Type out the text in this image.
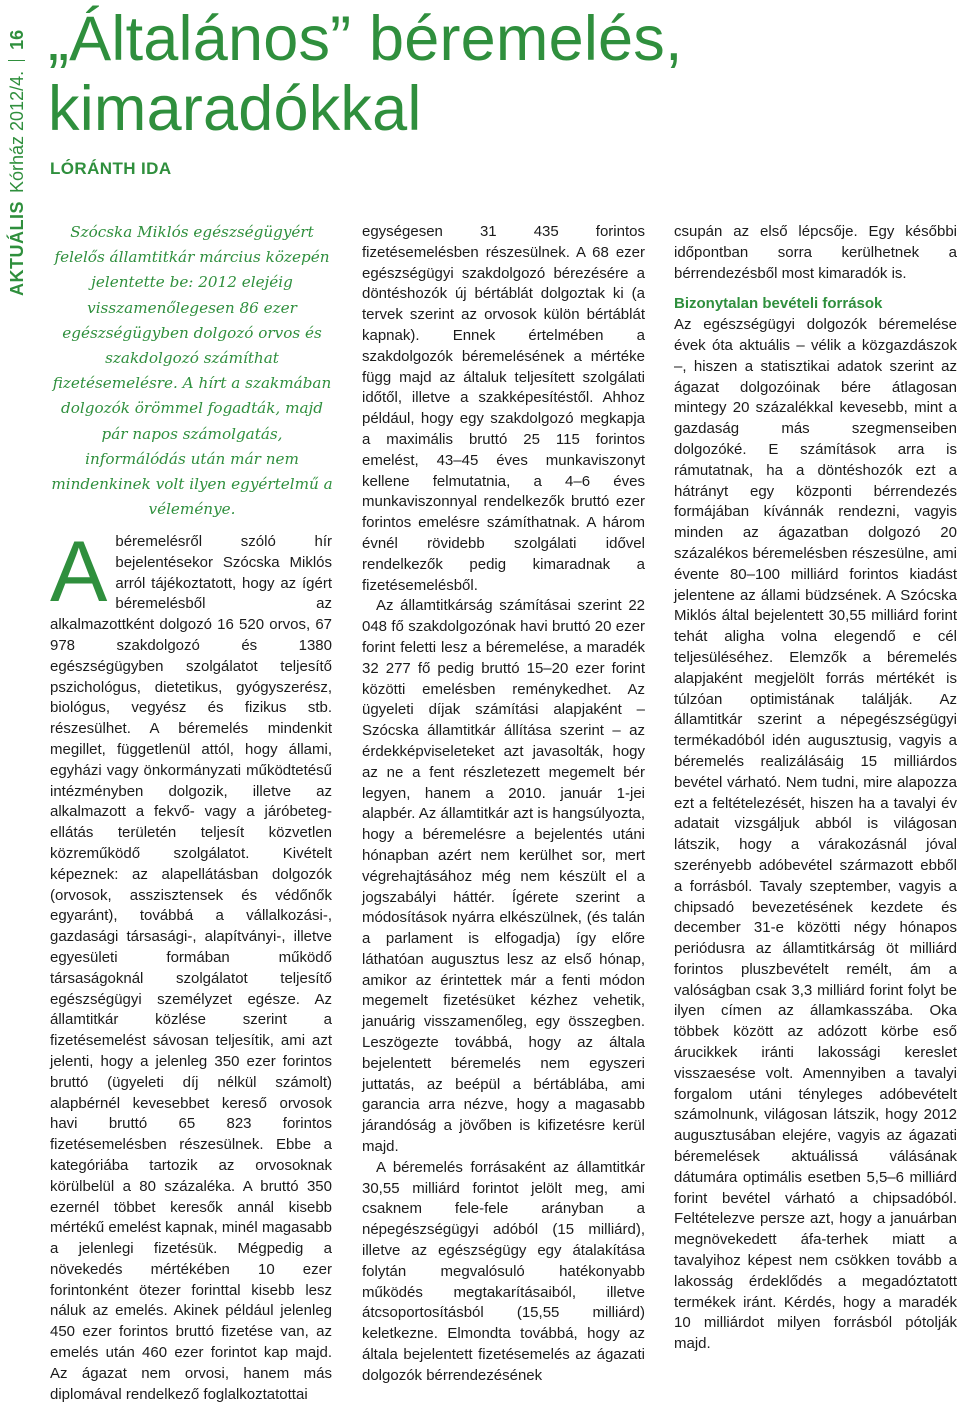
AKTUÁLISKórház 2012/4.16 „Általános” béremelés, kimaradókkal
LÓRÁNTH IDA

Szócska Miklós egészségügyért felelős államtitkár március közepén jelentette be: 2012 elejéig visszamenőlegesen 86 ezer egészségügyben dolgozó orvos és szakdolgozó számíthat fizetésemelésre. A hírt a szakmában dolgozók örömmel fogadták, majd pár napos számolgatás, informálódás után már nem mindenkinek volt ilyen egyértelmű a véleménye.

A béremelésről szóló hír bejelentésekor Szócska Miklós arról tájékoztatott, hogy az ígért béremelésből az alkalmazottként dolgozó 16 520 orvos, 67 978 szakdolgozó és 1380 egészségügyben szolgálatot teljesítő pszichológus, dietetikus, gyógyszerész, biológus, vegyész és fizikus stb. részesülhet. A béremelés mindenkit megillet, függetlenül attól, hogy állami, egyházi vagy önkormányzati működtetésű intézményben dolgozik, illetve az alkalmazott a fekvő- vagy a járóbeteg-ellátás területén teljesít közvetlen közreműködő szolgálatot. Kivételt képeznek: az alapellátásban dolgozók (orvosok, asszisztensek és védőnők egyaránt), továbbá a vállalkozási-, gazdasági társasági-, alapítványi-, illetve egyesületi formában működő társaságoknál szolgálatot teljesítő egészségügyi személyzet egésze. Az államtitkár közlése szerint a fizetésemelést sávosan teljesítik, ami azt jelenti, hogy a jelenleg 350 ezer forintos bruttó (ügyeleti díj nélkül számolt) alapbérnél kevesebbet kereső orvosok havi bruttó 65 823 forintos fizetésemelésben részesülnek. Ebbe a kategóriába tartozik az orvosoknak körülbelül a 80 százaléka. A bruttó 350 ezernél többet keresők annál kisebb mértékű emelést kapnak, minél magasabb a jelenlegi fizetésük. Mégpedig a növekedés mértékében 10 ezer forintonként ötezer forinttal kisebb lesz náluk az emelés. Akinek például jelenleg 450 ezer forintos bruttó fizetése van, az emelés után 460 ezer forintot kap majd. Az ágazat nem orvosi, hanem más diplomával rendelkező foglalkoztatottai

egységesen 31 435 forintos fizetésemelésben részesülnek. A 68 ezer egészségügyi szakdolgozó bérezésére a döntéshozók új bértáblát dolgoztak ki (a tervek szerint az orvosok külön bértáblát kapnak). Ennek értelmében a szakdolgozók béremelésének a mértéke függ majd az általuk teljesített szolgálati időtől, illetve a szakképesítéstől. Ahhoz például, hogy egy szakdolgozó megkapja a maximális bruttó 25 115 forintos emelést, 43–45 éves munkaviszonyt kellene felmutatnia, a 4–6 éves munkaviszonnyal rendelkezők bruttó ezer forintos emelésre számíthatnak. A három évnél rövidebb szolgálati idővel rendelkezők pedig kimaradnak a fizetésemelésből.

Az államtitkárság számításai szerint 22 048 fő szakdolgozónak havi bruttó 20 ezer forint feletti lesz a béremelése, a maradék 32 277 fő pedig bruttó 15–20 ezer forint közötti emelésben reménykedhet. Az ügyeleti díjak számítási alapjaként – Szócska államtitkár állítása szerint – az érdekképviseleteket azt javasolták, hogy az ne a fent részletezett megemelt bér legyen, hanem a 2010. január 1-jei alapbér. Az államtitkár azt is hangsúlyozta, hogy a béremelésre a bejelentés utáni hónapban azért nem kerülhet sor, mert végrehajtásához még nem készült el a jogszabályi háttér. Ígérete szerint a módosítások nyárra elkészülnek, (és talán a parlament is elfogadja) így előre láthatóan augusztus lesz az első hónap, amikor az érintettek már a fenti módon megemelt fizetésüket kézhez vehetik, januárig visszamenőleg, egy összegben. Leszögezte továbbá, hogy az általa bejelentett béremelés nem egyszeri juttatás, az beépül a bértáblába, ami garancia arra nézve, hogy a magasabb járandóság a jövőben is kifizetésre kerül majd.

A béremelés forrásaként az államtitkár 30,55 milliárd forintot jelölt meg, ami csaknem fele-fele arányban a népegészségügyi adóból (15 milliárd), illetve az egészségügy egy átalakítása folytán megvalósuló hatékonyabb működés megtakarításaiból, illetve átcsoportosításból (15,55 milliárd) keletkezne. Elmondta továbbá, hogy az általa bejelentett fizetésemelés az ágazati dolgozók bérrendezésének

csupán az első lépcsője. Egy későbbi időpontban sorra kerülhetnek a bérrendezésből most kimaradók is.

Bizonytalan bevételi források

Az egészségügyi dolgozók béremelése évek óta aktuális – vélik a közgazdászok –, hiszen a statisztikai adatok szerint az ágazat dolgozóinak bére átlagosan mintegy 20 százalékkal kevesebb, mint a gazdaság más szegmenseiben dolgozóké. E számítások arra is rámutatnak, ha a döntéshozók ezt a hátrányt egy központi bérrendezés formájában kívánnák rendezni, vagyis minden az ágazatban dolgozó 20 százalékos béremelésben részesülne, ami évente 80–100 milliárd forintos kiadást jelentene az állami büdzsének. A Szócska Miklós által bejelentett 30,55 milliárd forint tehát aligha volna elegendő e cél teljesüléséhez. Elemzők a béremelés alapjaként megjelölt forrás mértékét is túlzóan optimistának találják. Az államtitkár szerint a népegészségügyi termékadóból idén augusztusig, vagyis a béremelés realizálásáig 15 milliárdos bevétel várható. Nem tudni, mire alapozza ezt a feltételezését, hiszen ha a tavalyi év adatait vizsgáljuk abból is világosan látszik, hogy a várakozásnál jóval szerényebb adóbevétel származott ebből a forrásból. Tavaly szeptember, vagyis a chipsadó bevezetésének kezdete és december 31-e közötti négy hónapos periódusra az államtitkárság öt milliárd forintos pluszbevételt remélt, ám a valóságban csak 3,3 milliárd forint folyt be ilyen címen az államkasszába. Oka többek között az adózott körbe eső árucikkek iránti lakossági kereslet visszaesése volt. Amennyiben a tavalyi forgalom utáni tényleges adóbevételt számolnunk, világosan látszik, hogy 2012 augusztusában elejére, vagyis az ágazati béremelések aktuálissá válásának dátumára optimális esetben 5,5–6 milliárd forint bevétel várható a chipsadóból. Feltételezve persze azt, hogy a januárban megnövekedett áfa-terhek miatt a tavalyihoz képest nem csökken tovább a lakosság érdeklődés a megadóztatott termékek iránt. Kérdés, hogy a maradék 10 milliárdot milyen forrásból pótolják majd.
